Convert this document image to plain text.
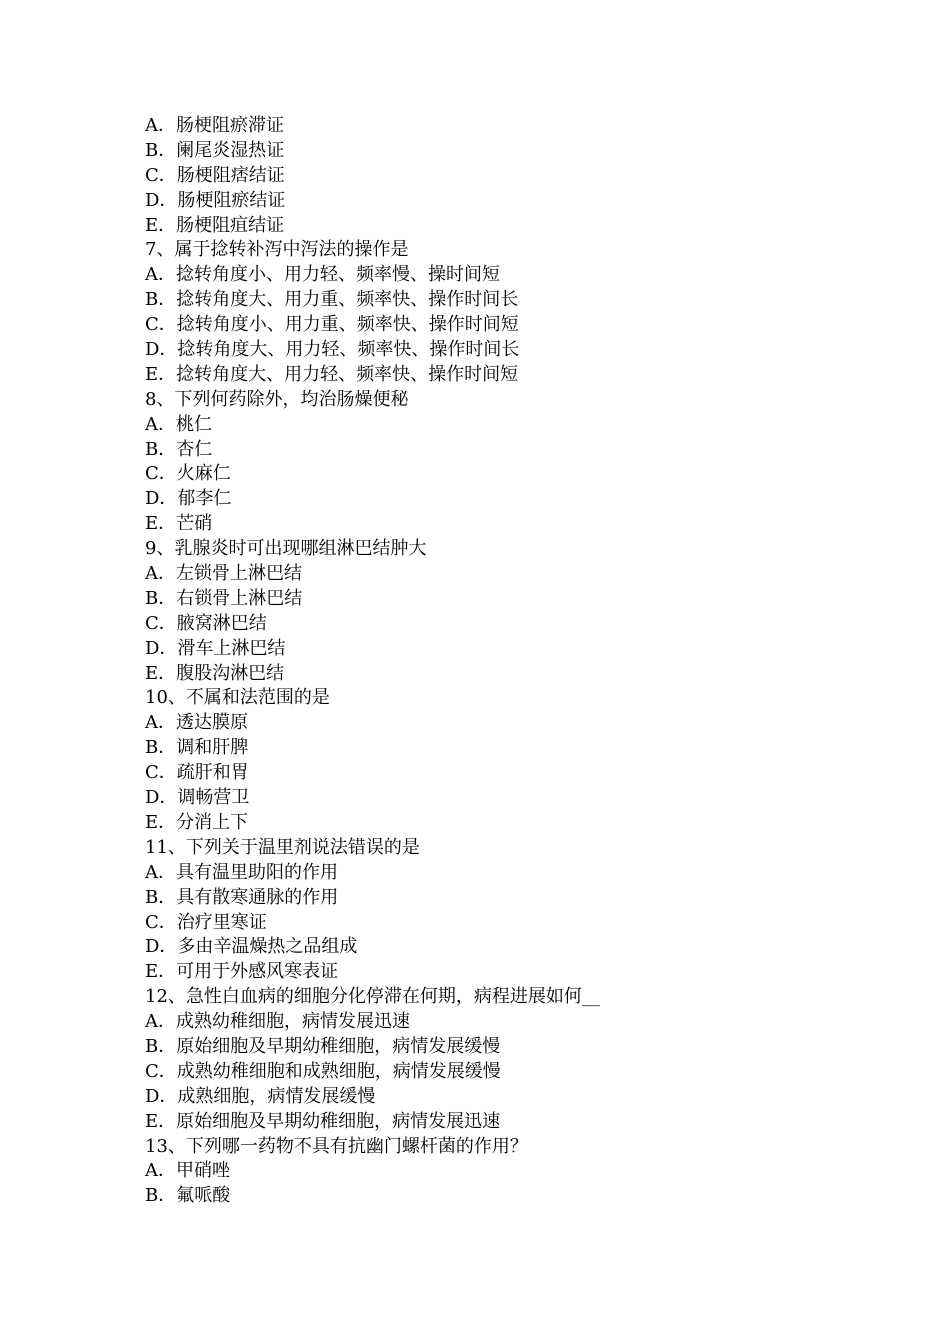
A．肠梗阻瘀滞证
B．阑尾炎湿热证
C．肠梗阻痞结证
D．肠梗阻瘀结证
E．肠梗阻疽结证
7、属于捻转补泻中泻法的操作是
A．捻转角度小、用力轻、频率慢、操时间短
B．捻转角度大、用力重、频率快、操作时间长
C．捻转角度小、用力重、频率快、操作时间短
D．捻转角度大、用力轻、频率快、操作时间长
E．捻转角度大、用力轻、频率快、操作时间短
8、下列何药除外，均治肠燥便秘
A．桃仁
B．杏仁
C．火麻仁
D．郁李仁
E．芒硝
9、乳腺炎时可出现哪组淋巴结肿大
A．左锁骨上淋巴结
B．右锁骨上淋巴结
C．腋窝淋巴结
D．滑车上淋巴结
E．腹股沟淋巴结
10、不属和法范围的是
A．透达膜原
B．调和肝脾
C．疏肝和胃
D．调畅营卫
E．分消上下
11、下列关于温里剂说法错误的是
A．具有温里助阳的作用
B．具有散寒通脉的作用
C．治疗里寒证
D．多由辛温燥热之品组成
E．可用于外感风寒表证
12、急性白血病的细胞分化停滞在何期，病程进展如何__
A．成熟幼稚细胞，病情发展迅速
B．原始细胞及早期幼稚细胞，病情发展缓慢
C．成熟幼稚细胞和成熟细胞，病情发展缓慢
D．成熟细胞，病情发展缓慢
E．原始细胞及早期幼稚细胞，病情发展迅速
13、下列哪一药物不具有抗幽门螺杆菌的作用？
A．甲硝唑
B．氟哌酸
